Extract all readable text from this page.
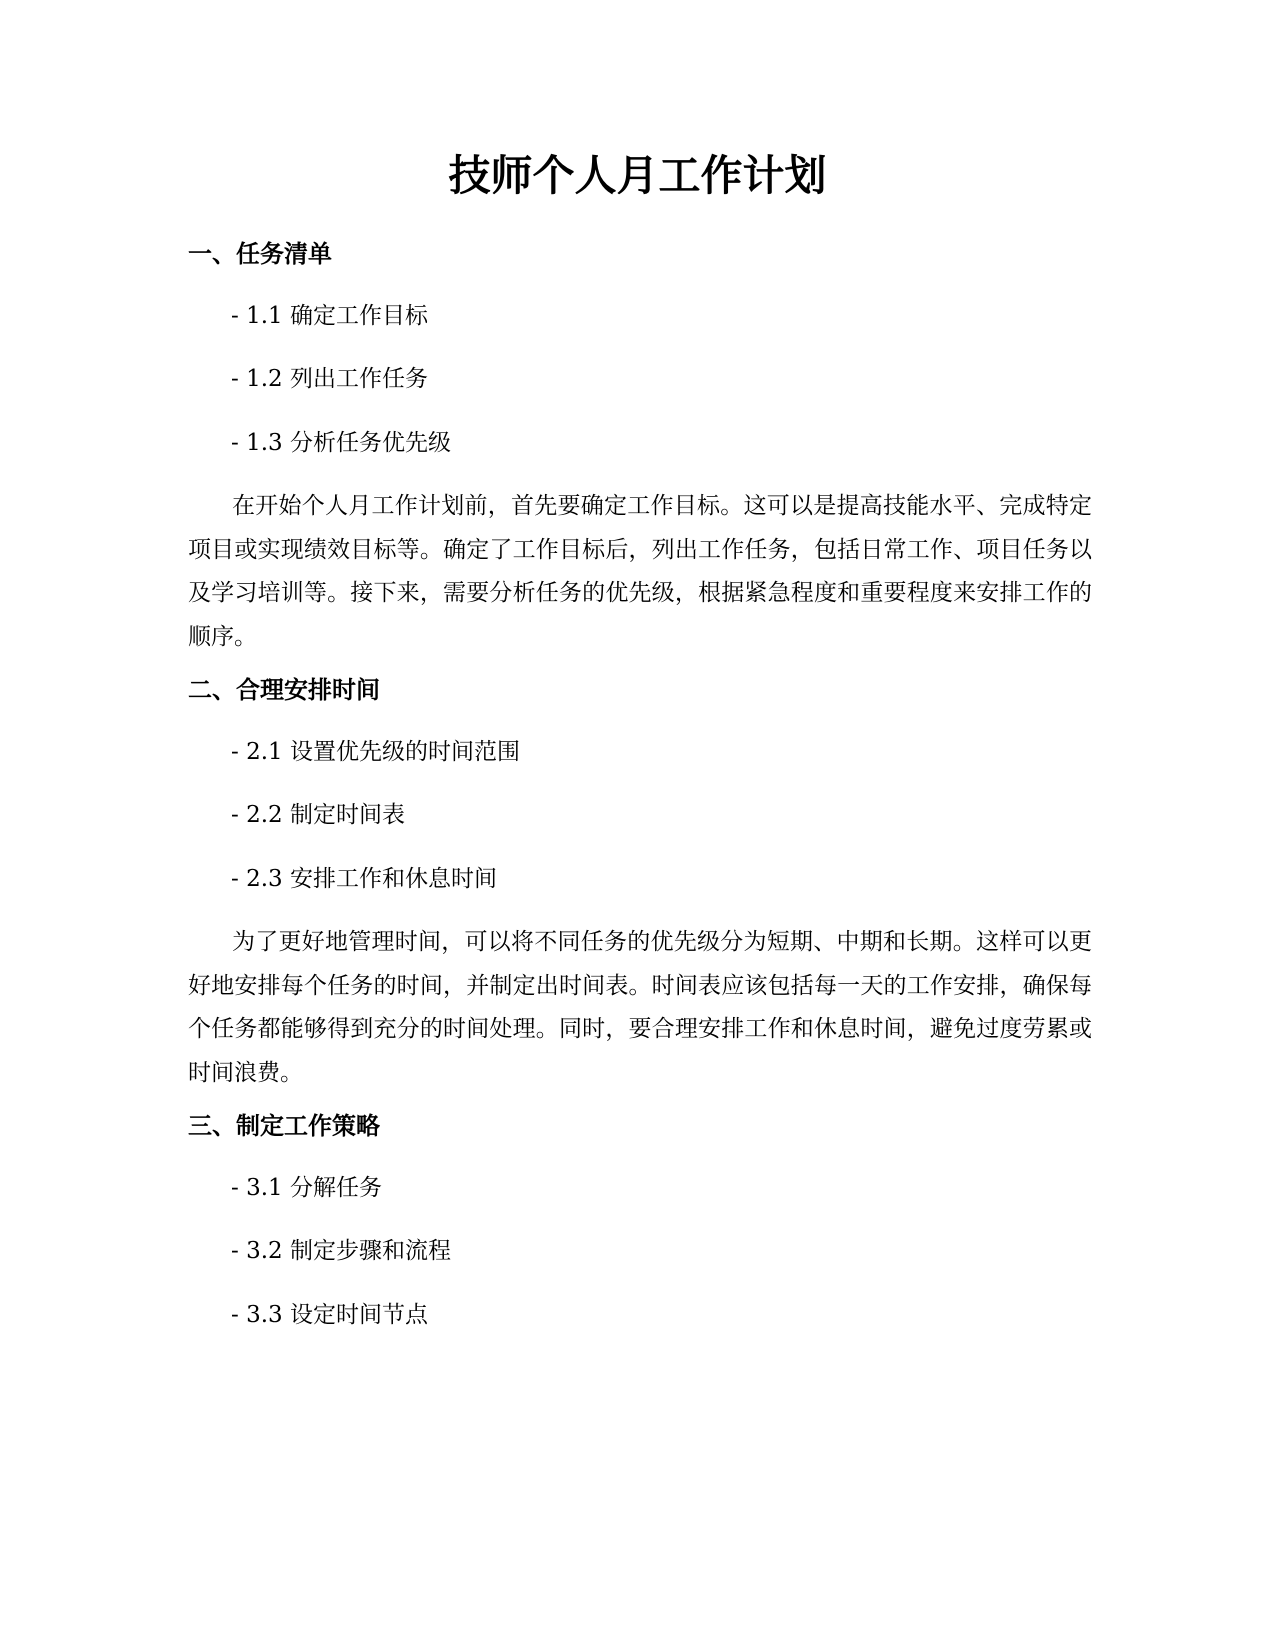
技师个人月工作计划
一、任务清单

- 1.1 确定工作目标

- 1.2 列出工作任务

- 1.3 分析任务优先级

在开始个人月工作计划前，首先要确定工作目标。这可以是提高技能水平、完成特定项目或实现绩效目标等。确定了工作目标后，列出工作任务，包括日常工作、项目任务以及学习培训等。接下来，需要分析任务的优先级，根据紧急程度和重要程度来安排工作的顺序。

二、合理安排时间

- 2.1 设置优先级的时间范围

- 2.2 制定时间表

- 2.3 安排工作和休息时间

为了更好地管理时间，可以将不同任务的优先级分为短期、中期和长期。这样可以更好地安排每个任务的时间，并制定出时间表。时间表应该包括每一天的工作安排，确保每个任务都能够得到充分的时间处理。同时，要合理安排工作和休息时间，避免过度劳累或时间浪费。

三、制定工作策略

- 3.1 分解任务

- 3.2 制定步骤和流程

- 3.3 设定时间节点
